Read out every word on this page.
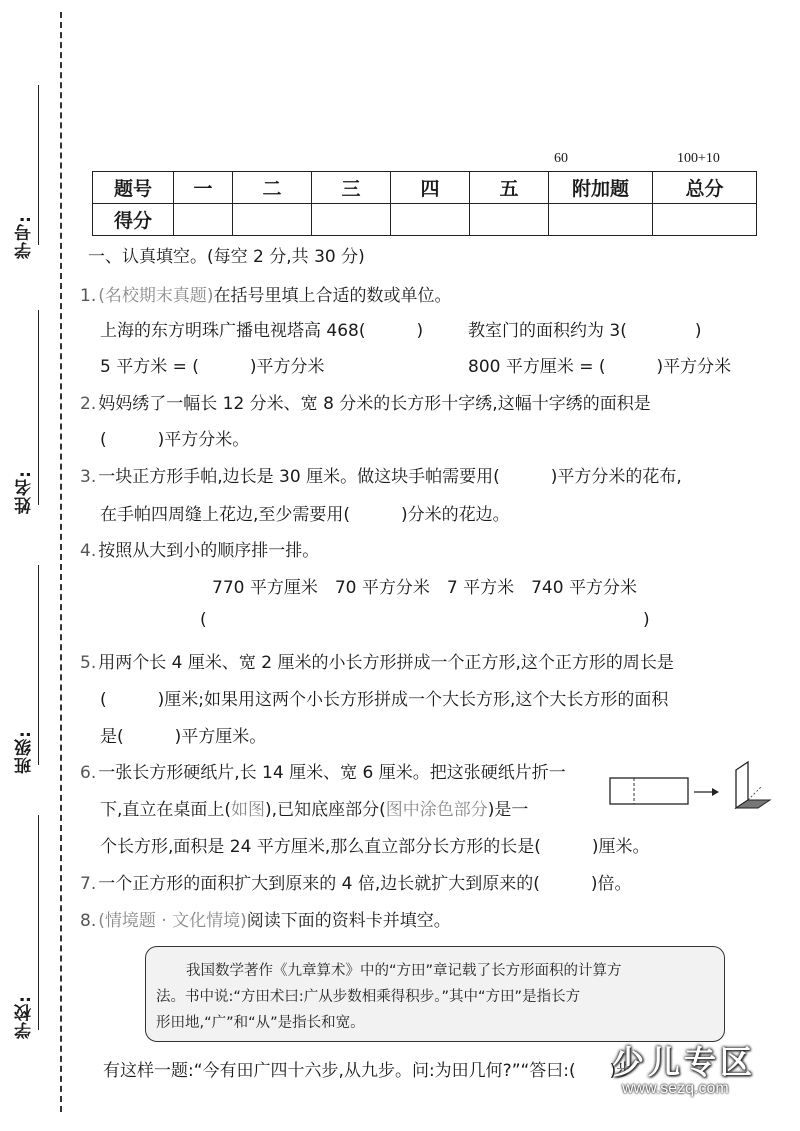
学号:
姓名:
班级:
学校:
60	100+10
题号	一	二	三	四	五	附加题	总分
得分							
一、认真填空。(每空 2 分,共 30 分)
1. (名校期末真题)在括号里填上合适的数或单位。
上海的东方明珠广播电视塔高 468(　　　)	教室门的面积约为 3(　　　　)
5 平方米 = (　　　)平方分米	800 平方厘米 = (　　　)平方分米
2. 妈妈绣了一幅长 12 分米、宽 8 分米的长方形十字绣,这幅十字绣的面积是
(　　　)平方分米。
3. 一块正方形手帕,边长是 30 厘米。做这块手帕需要用(　　　)平方分米的花布,
在手帕四周缝上花边,至少需要用(　　　)分米的花边。
4. 按照从大到小的顺序排一排。
770 平方厘米　70 平方分米　7 平方米　740 平方分米
(	)
5. 用两个长 4 厘米、宽 2 厘米的小长方形拼成一个正方形,这个正方形的周长是
(　　　)厘米;如果用这两个小长方形拼成一个大长方形,这个大长方形的面积
是(　　　)平方厘米。
6. 一张长方形硬纸片,长 14 厘米、宽 6 厘米。把这张硬纸片折一
下,直立在桌面上(如图),已知底座部分(图中涂色部分)是一
个长方形,面积是 24 平方厘米,那么直立部分长方形的长是(　　　)厘米。
7. 一个正方形的面积扩大到原来的 4 倍,边长就扩大到原来的(　　　)倍。
8. (情境题 · 文化情境)阅读下面的资料卡并填空。
我国数学著作《九章算术》中的“方田”章记载了长方形面积的计算方
法。书中说:“方田术曰:广从步数相乘得积步。”其中“方田”是指长方
形田地,“广”和“从”是指长和宽。
有这样一题:“今有田广四十六步,从九步。问:为田几何?”“答曰:(　　)步
少儿专区
www.sezq.com
